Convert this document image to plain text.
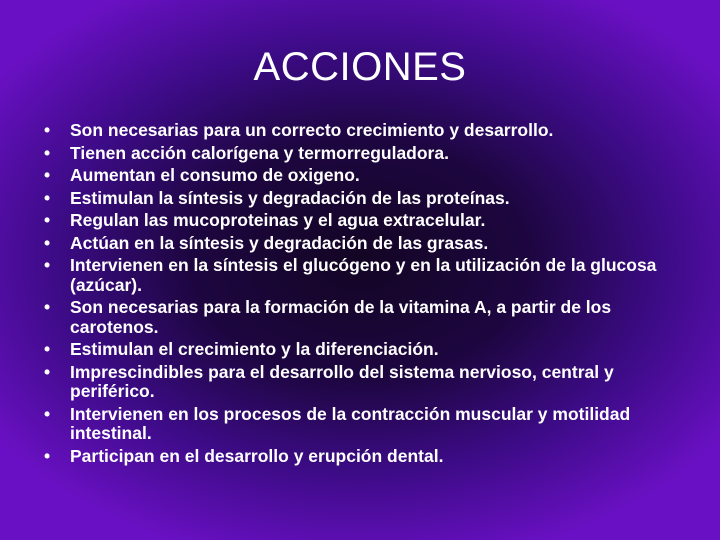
ACCIONES
•	Son necesarias para un correcto crecimiento y desarrollo.
•	Tienen acción calorígena y termorreguladora.
•	Aumentan el consumo de oxigeno.
•	Estimulan la síntesis y degradación de las proteínas.
•	Regulan las mucoproteinas y el agua extracelular.
•	Actúan en la síntesis y degradación de las grasas.
•	Intervienen en la síntesis el glucógeno y en la utilización de la glucosa (azúcar).
•	Son necesarias para la formación de la vitamina A, a partir de los carotenos.
•	Estimulan el crecimiento y la diferenciación.
•	Imprescindibles para el desarrollo del sistema nervioso, central y periférico.
•	Intervienen en los procesos de la contracción muscular y motilidad intestinal.
•	Participan en el desarrollo y erupción dental.
